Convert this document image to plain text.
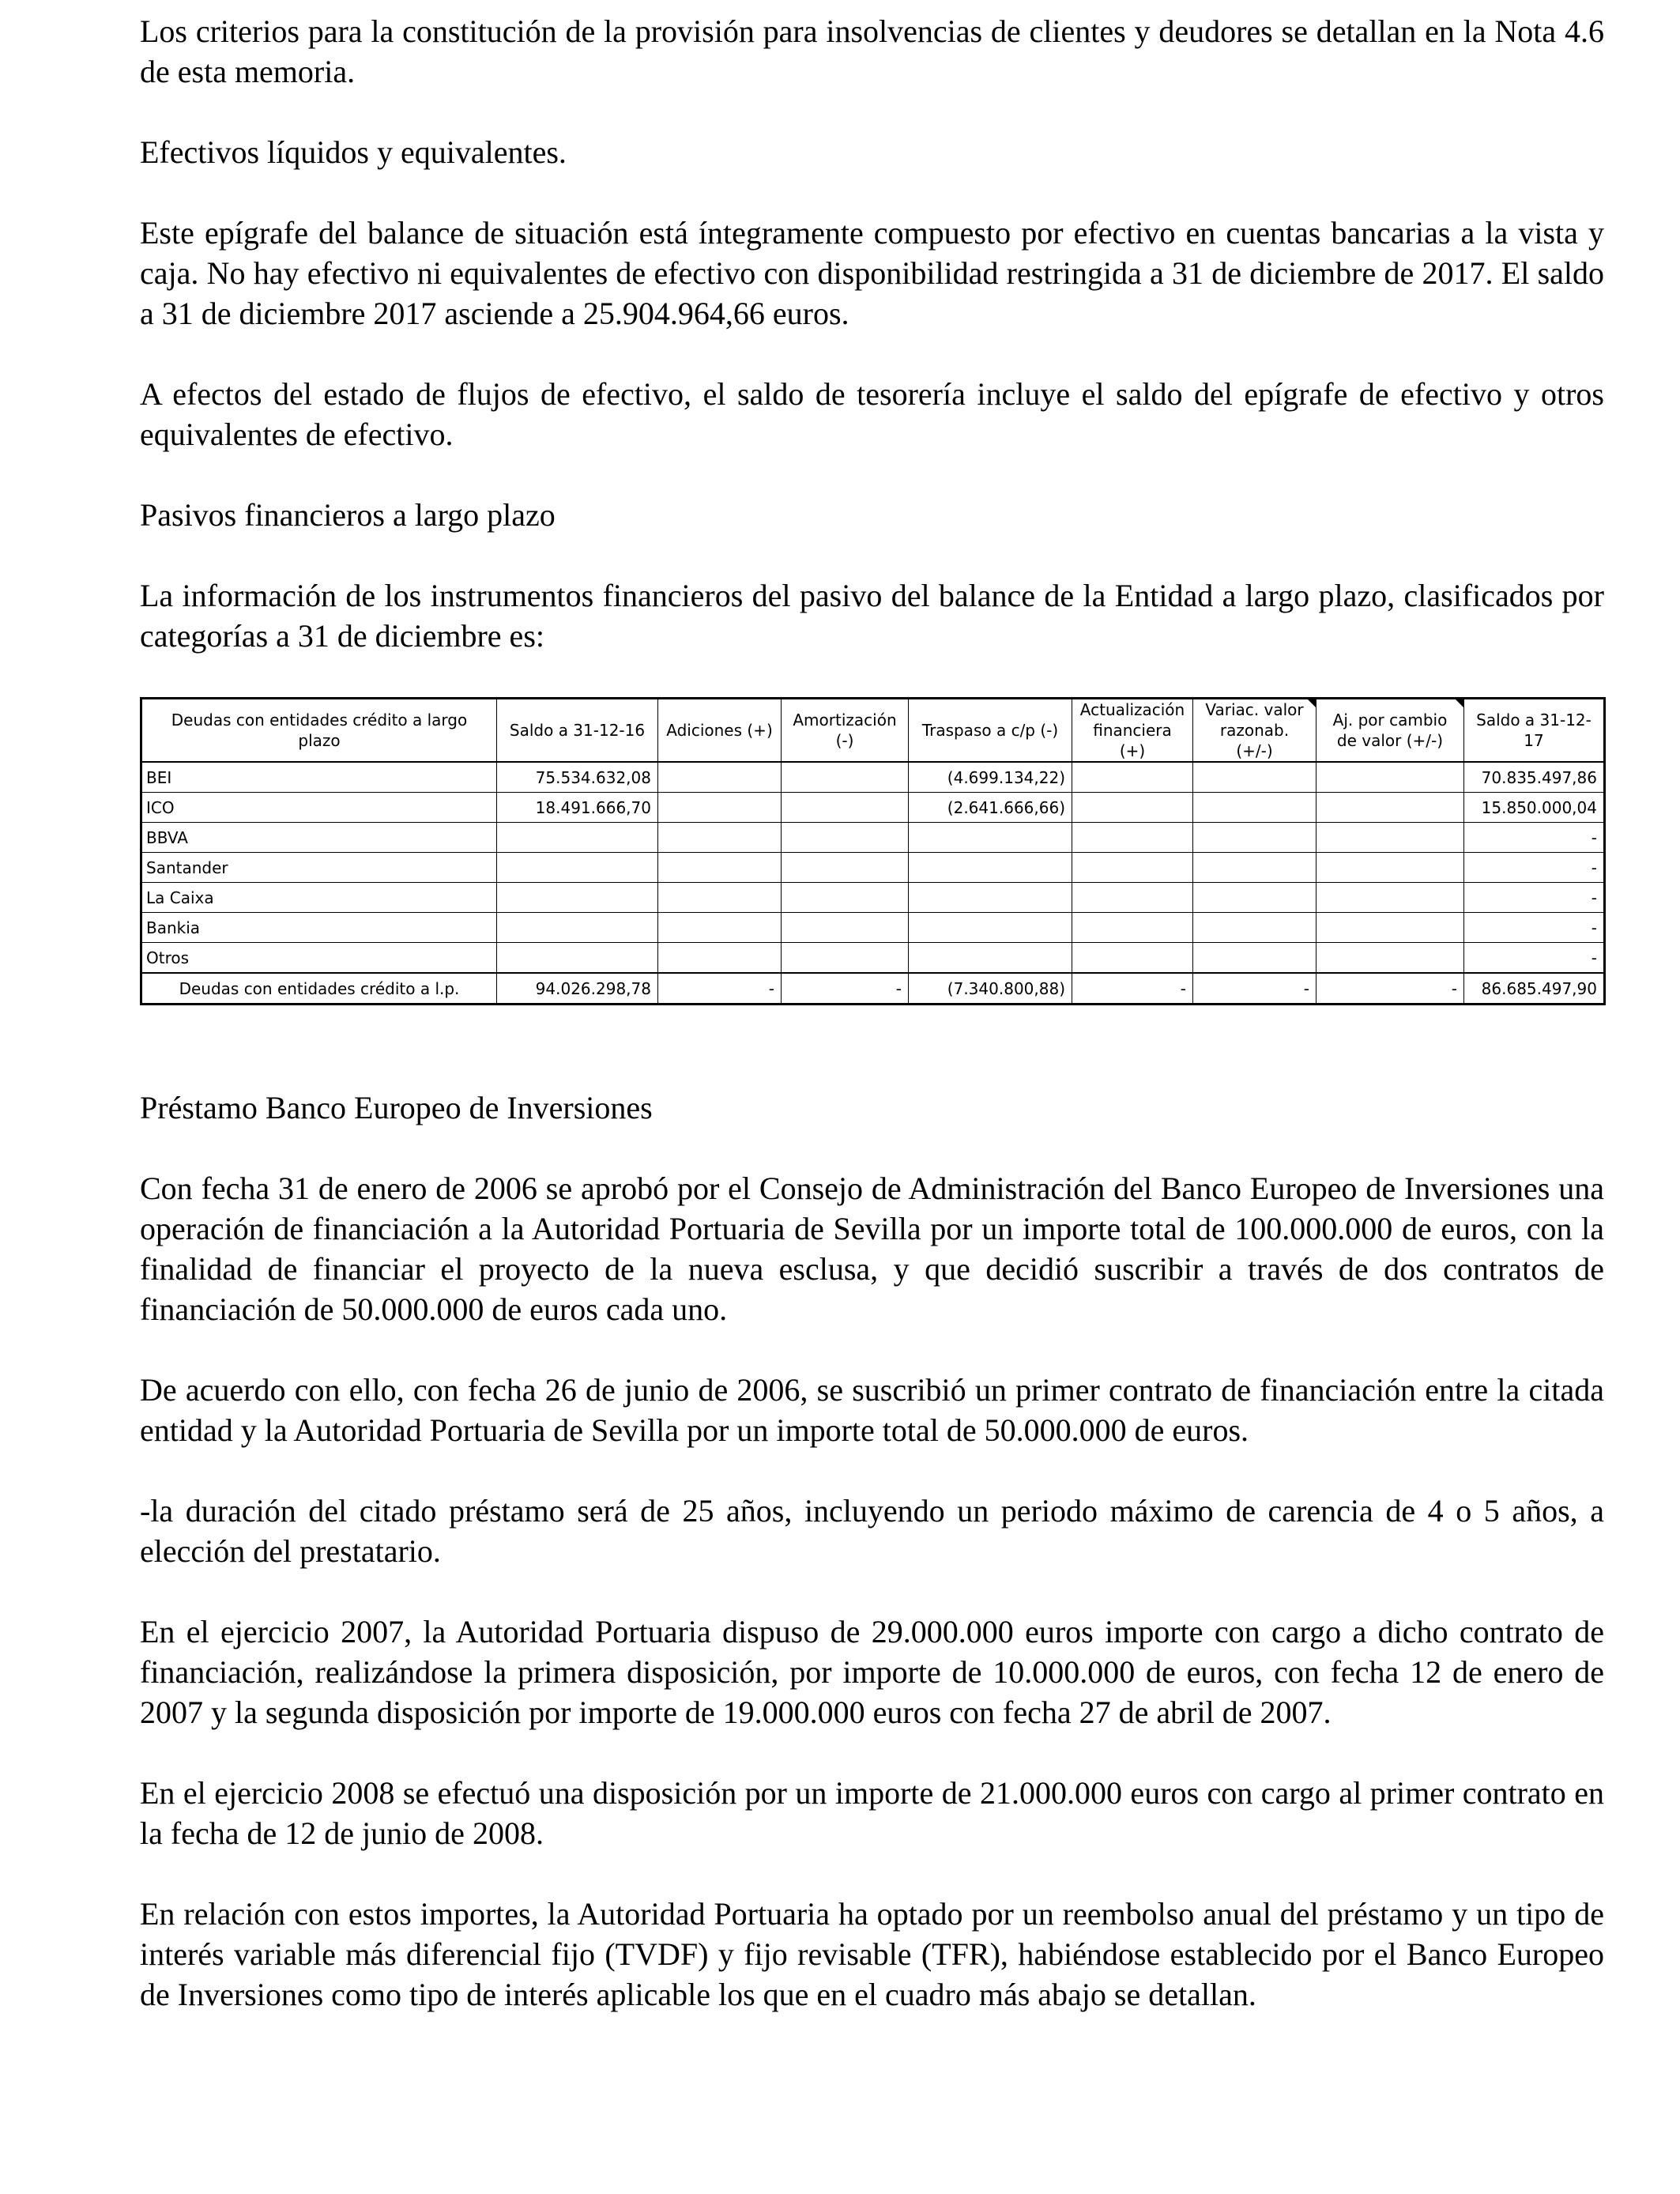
Los criterios para la constitución de la provisión para insolvencias de clientes y deudores se detallan en la Nota 4.6 de esta memoria.

Efectivos líquidos y equivalentes.

Este epígrafe del balance de situación está íntegramente compuesto por efectivo en cuentas bancarias a la vista y caja. No hay efectivo ni equivalentes de efectivo con disponibilidad restringida a 31 de diciembre de 2017. El saldo a 31 de diciembre 2017 asciende a 25.904.964,66 euros.

A efectos del estado de flujos de efectivo, el saldo de tesorería incluye el saldo del epígrafe de efectivo y otros equivalentes de efectivo.

Pasivos financieros a largo plazo

La información de los instrumentos financieros del pasivo del balance de la Entidad a largo plazo, clasificados por categorías a 31 de diciembre es:

Deudas con entidades crédito a largo plazo	Saldo a 31-12-16	Adiciones (+)	Amortización (-)	Traspaso a c/p (-)	Actualización financiera (+)	Variac. valor razonab. (+/-)	Aj. por cambio de valor (+/-)	Saldo a 31-12-17
BEI	75.534.632,08			(4.699.134,22)				70.835.497,86
ICO	18.491.666,70			(2.641.666,66)				15.850.000,04
BBVA								-
Santander								-
La Caixa								-
Bankia								-
Otros								-
Deudas con entidades crédito a l.p.	94.026.298,78	-	-	(7.340.800,88)	-	-	-	86.685.497,90

Préstamo Banco Europeo de Inversiones

Con fecha 31 de enero de 2006 se aprobó por el Consejo de Administración del Banco Europeo de Inversiones una operación de financiación a la Autoridad Portuaria de Sevilla por un importe total de 100.000.000 de euros, con la finalidad de financiar el proyecto de la nueva esclusa, y que decidió suscribir a través de dos contratos de financiación de 50.000.000 de euros cada uno.

De acuerdo con ello, con fecha 26 de junio de 2006, se suscribió un primer contrato de financiación entre la citada entidad y la Autoridad Portuaria de Sevilla por un importe total de 50.000.000 de euros.

-la duración del citado préstamo será de 25 años, incluyendo un periodo máximo de carencia de 4 o 5 años, a elección del prestatario.

En el ejercicio 2007, la Autoridad Portuaria dispuso de 29.000.000 euros importe con cargo a dicho contrato de financiación, realizándose la primera disposición, por importe de 10.000.000 de euros, con fecha 12 de enero de 2007 y la segunda disposición por importe de 19.000.000 euros con fecha 27 de abril de 2007.

En el ejercicio 2008 se efectuó una disposición por un importe de 21.000.000 euros con cargo al primer contrato en la fecha de 12 de junio de 2008.

En relación con estos importes, la Autoridad Portuaria ha optado por un reembolso anual del préstamo y un tipo de interés variable más diferencial fijo (TVDF) y fijo revisable (TFR), habiéndose establecido por el Banco Europeo de Inversiones como tipo de interés aplicable los que en el cuadro más abajo se detallan.
